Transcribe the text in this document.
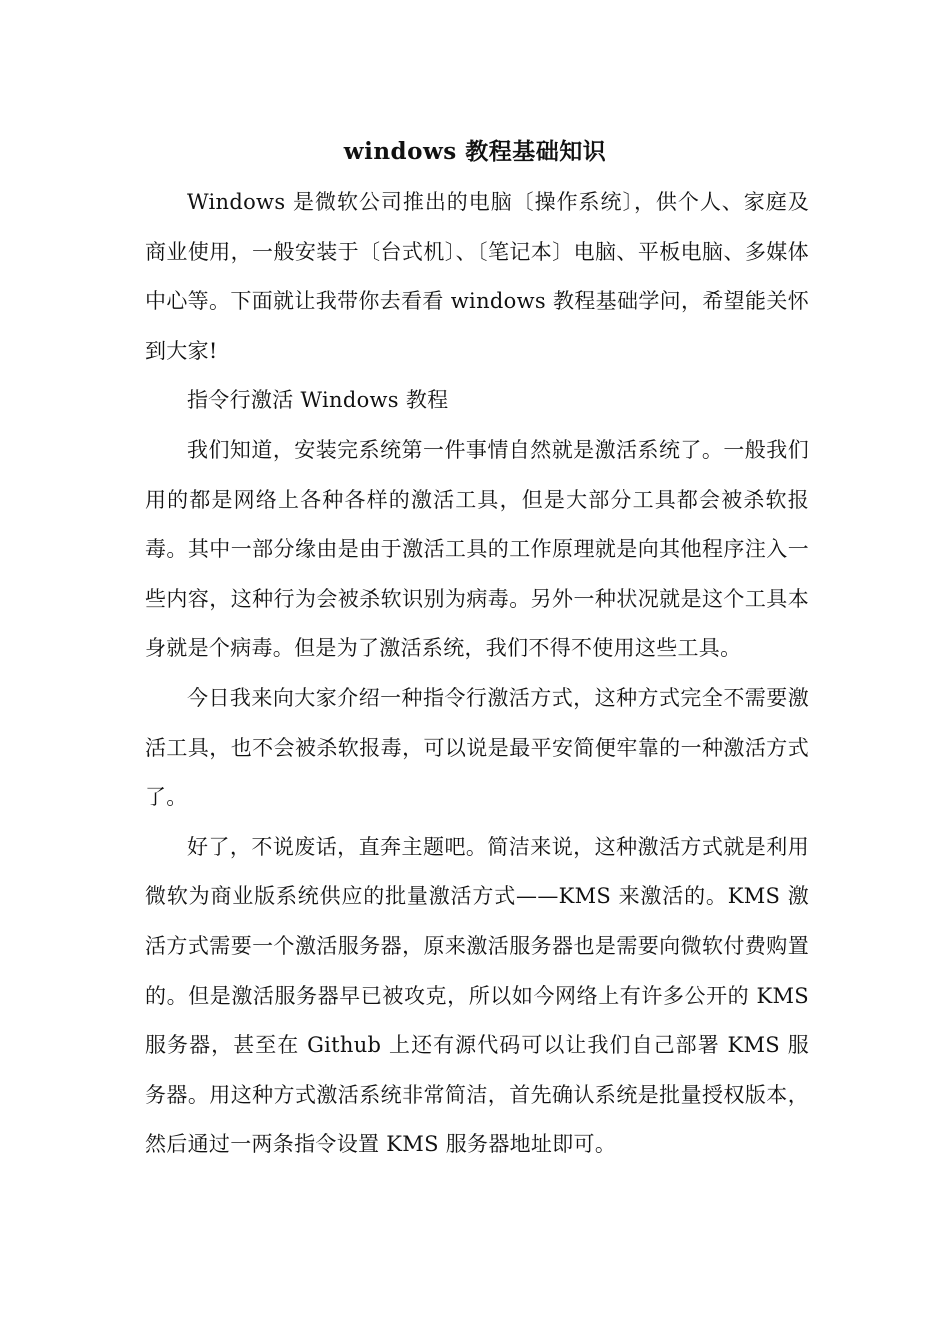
windows 教程基础知识

Windows 是微软公司推出的电脑〔操作系统〕，供个人、家庭及商业使用，一般安装于〔台式机〕、〔笔记本〕电脑、平板电脑、多媒体中心等。下面就让我带你去看看 windows 教程基础学问，希望能关怀到大家!

指令行激活 Windows 教程

我们知道，安装完系统第一件事情自然就是激活系统了。一般我们用的都是网络上各种各样的激活工具，但是大部分工具都会被杀软报毒。其中一部分缘由是由于激活工具的工作原理就是向其他程序注入一些内容，这种行为会被杀软识别为病毒。另外一种状况就是这个工具本身就是个病毒。但是为了激活系统，我们不得不使用这些工具。

今日我来向大家介绍一种指令行激活方式，这种方式完全不需要激活工具，也不会被杀软报毒，可以说是最平安简便牢靠的一种激活方式了。

好了，不说废话，直奔主题吧。简洁来说，这种激活方式就是利用微软为商业版系统供应的批量激活方式——KMS 来激活的。KMS 激活方式需要一个激活服务器，原来激活服务器也是需要向微软付费购置的。但是激活服务器早已被攻克，所以如今网络上有许多公开的 KMS 服务器，甚至在 Github 上还有源代码可以让我们自己部署 KMS 服务器。用这种方式激活系统非常简洁，首先确认系统是批量授权版本，然后通过一两条指令设置 KMS 服务器地址即可。
